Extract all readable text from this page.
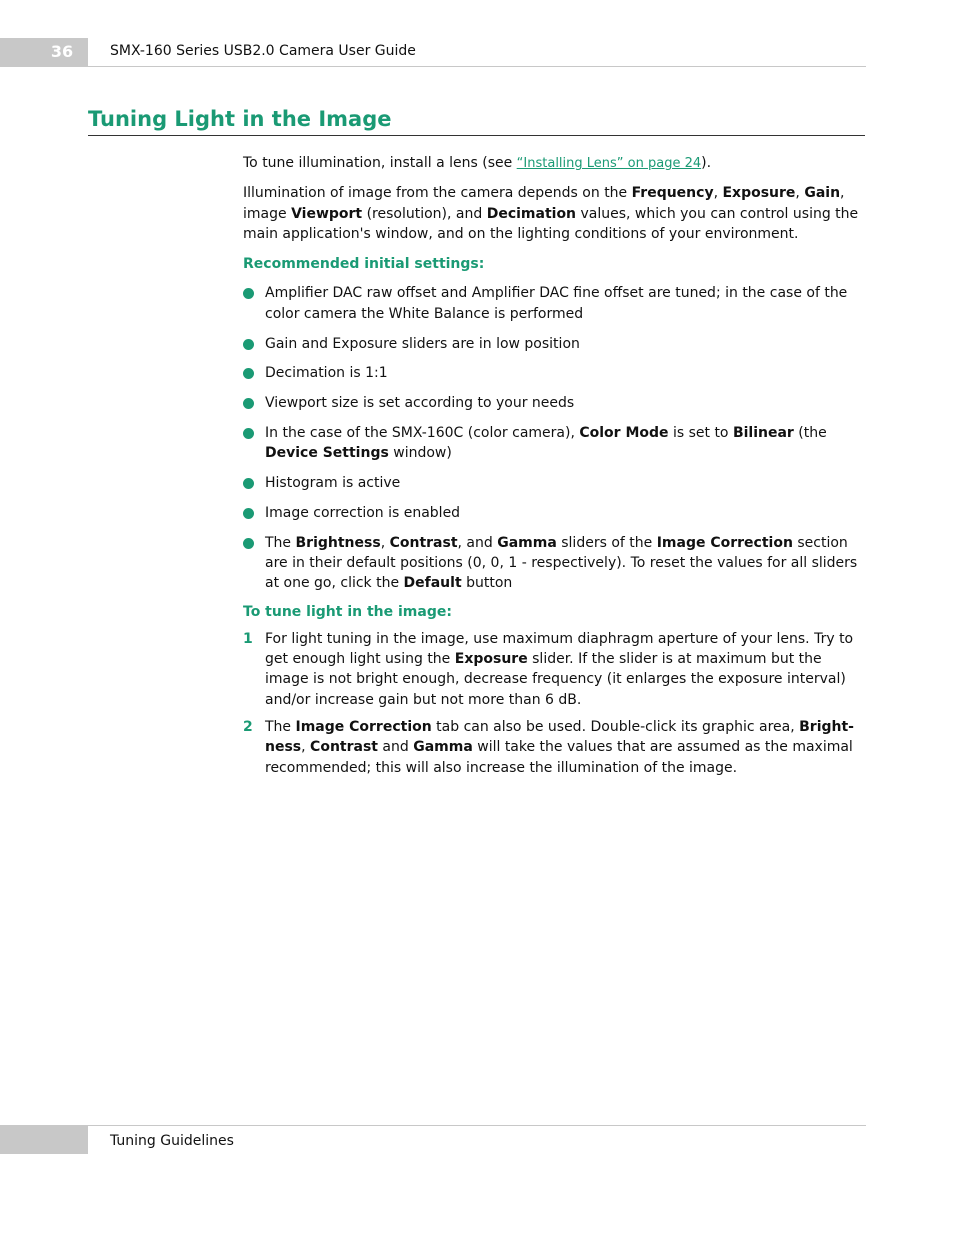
36	SMX-160 Series USB2.0 Camera User Guide
Tuning Light in the Image

To tune illumination, install a lens (see “Installing Lens” on page 24).

Illumination of image from the camera depends on the Frequency, Exposure, Gain, image Viewport (resolution), and Decimation values, which you can control using the main application's window, and on the lighting conditions of your environment.

Recommended initial settings:

Amplifier DAC raw offset and Amplifier DAC fine offset are tuned; in the case of the color camera the White Balance is performed
Gain and Exposure sliders are in low position
Decimation is 1:1
Viewport size is set according to your needs
In the case of the SMX-160C (color camera), Color Mode is set to Bilinear (the Device Settings window)
Histogram is active
Image correction is enabled
The Brightness, Contrast, and Gamma sliders of the Image Correction section are in their default positions (0, 0, 1 - respectively). To reset the values for all sliders at one go, click the Default button

To tune light in the image:

1 For light tuning in the image, use maximum diaphragm aperture of your lens. Try to get enough light using the Exposure slider. If the slider is at maximum but the image is not bright enough, decrease frequency (it enlarges the exposure interval) and/or increase gain but not more than 6 dB.
2 The Image Correction tab can also be used. Double-click its graphic area, Bright-ness, Contrast and Gamma will take the values that are assumed as the maximal recommended; this will also increase the illumination of the image.
Tuning Guidelines
